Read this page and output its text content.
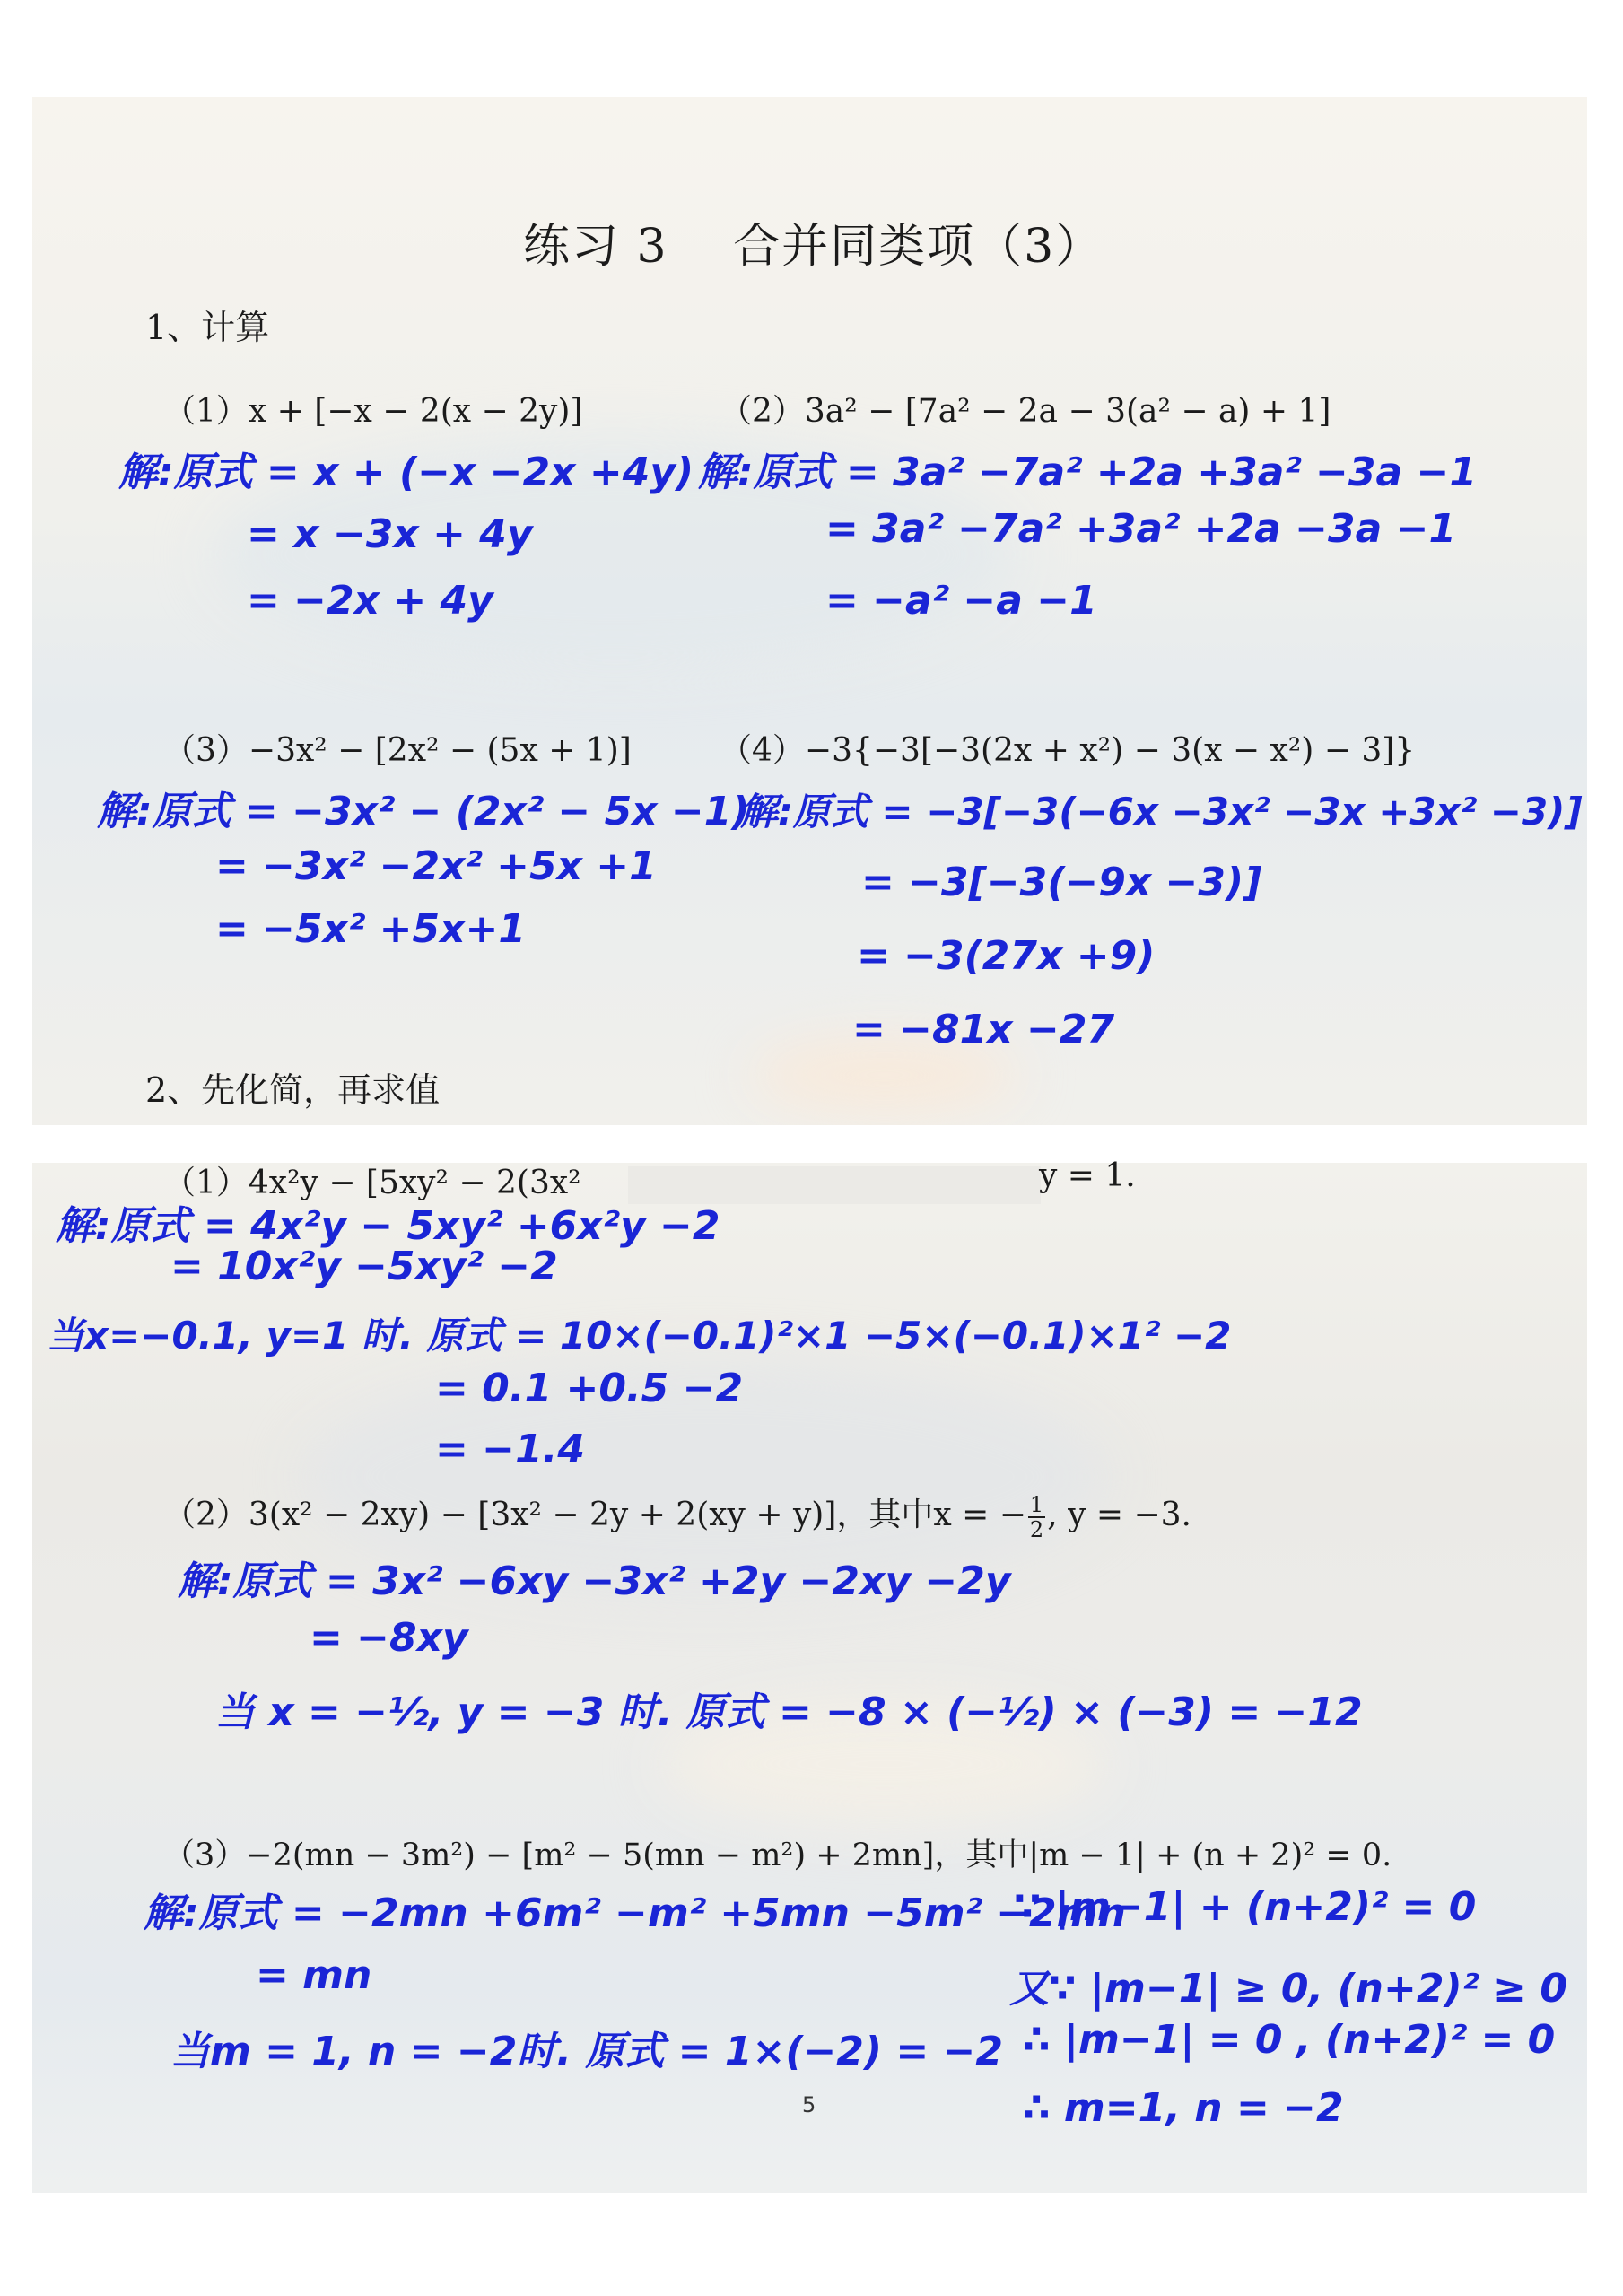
练习 3 　合并同类项（3）
1、计算
2、先化简，再求值
（1）x + [−x − 2(x − 2y)]
解:原式 = x + (−x −2x +4y)
= x −3x + 4y
= −2x + 4y
（2）3a² − [7a² − 2a − 3(a² − a) + 1]
解:原式 = 3a² −7a² +2a +3a² −3a −1
= 3a² −7a² +3a² +2a −3a −1
= −a² −a −1
（3）−3x² − [2x² − (5x + 1)]
解:原式 = −3x² − (2x² − 5x −1)
= −3x² −2x² +5x +1
= −5x² +5x+1
（4）−3{−3[−3(2x + x²) − 3(x − x²) − 3]}
解:原式 = −3[−3(−6x −3x² −3x +3x² −3)]
= −3[−3(−9x −3)]
= −3(27x +9)
= −81x −27
（1）4x²y − [5xy² − 2(3x²	y = 1.
解:原式 = 4x²y − 5xy² +6x²y −2
= 10x²y −5xy² −2
当x=−0.1, y=1 时. 原式 = 10×(−0.1)²×1 −5×(−0.1)×1² −2
= 0.1 +0.5 −2
= −1.4
（2）3(x² − 2xy) − [3x² − 2y + 2(xy + y)]，其中x = − $\frac{1}{2}$ , y = −3.
解:原式 = 3x² −6xy −3x² +2y −2xy −2y
= −8xy
当 x = −½, y = −3 时. 原式 = −8 × (−½) × (−3) = −12
（3）−2(mn − 3m²) − [m² − 5(mn − m²) + 2mn]，其中|m − 1| + (n + 2)² = 0.
解:原式 = −2mn +6m² −m² +5mn −5m² −2mn
= mn
当m = 1, n = −2时. 原式 = 1×(−2) = −2
∵ |m−1| + (n+2)² = 0
又∵ |m−1| ≥ 0, (n+2)² ≥ 0
∴ |m−1| = 0 , (n+2)² = 0
∴ m=1, n = −2
5
